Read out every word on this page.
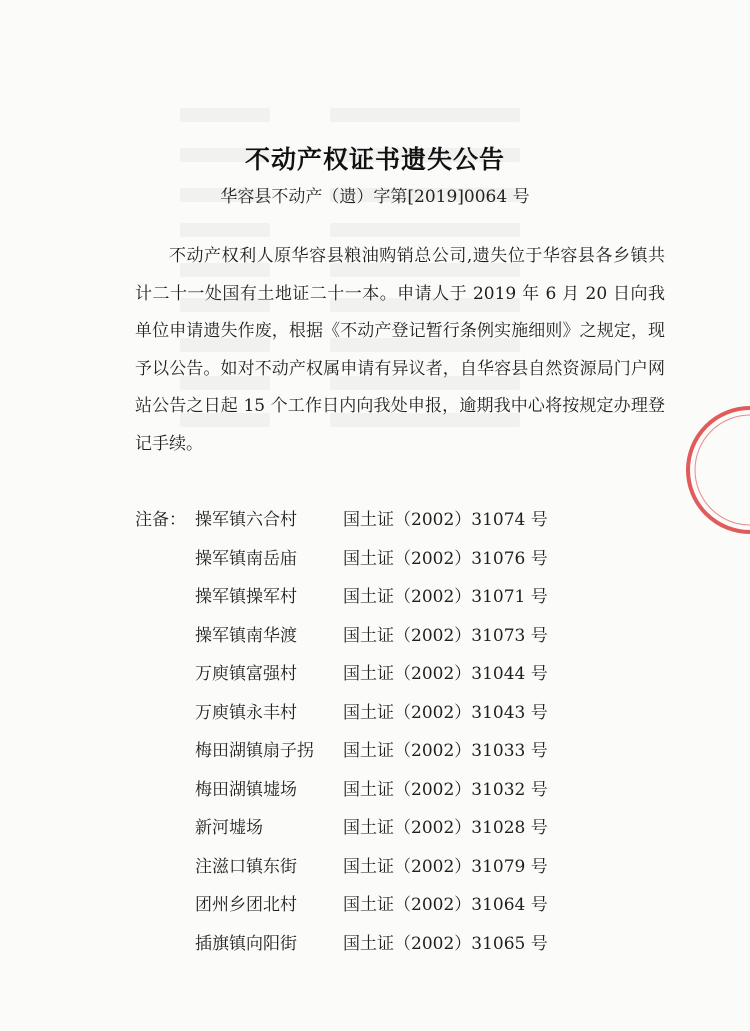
不动产权证书遗失公告
华容县不动产（遗）字第[2019]0064 号
不动产权利人原华容县粮油购销总公司,遗失位于华容县各乡镇共计二十一处国有土地证二十一本。申请人于 2019 年 6 月 20 日向我单位申请遗失作废，根据《不动产登记暂行条例实施细则》之规定，现予以公告。如对不动产权属申请有异议者，自华容县自然资源局门户网站公告之日起 15 个工作日内向我处申报，逾期我中心将按规定办理登记手续。
注备： 操军镇六合村	国土证（2002）31074 号
操军镇南岳庙	国土证（2002）31076 号
操军镇操军村	国土证（2002）31071 号
操军镇南华渡	国土证（2002）31073 号
万庾镇富强村	国土证（2002）31044 号
万庾镇永丰村	国土证（2002）31043 号
梅田湖镇扇子拐 国土证（2002）31033 号
梅田湖镇墟场	国土证（2002）31032 号
新河墟场	国土证（2002）31028 号
注滋口镇东街	国土证（2002）31079 号
团州乡团北村	国土证（2002）31064 号
插旗镇向阳街	国土证（2002）31065 号
